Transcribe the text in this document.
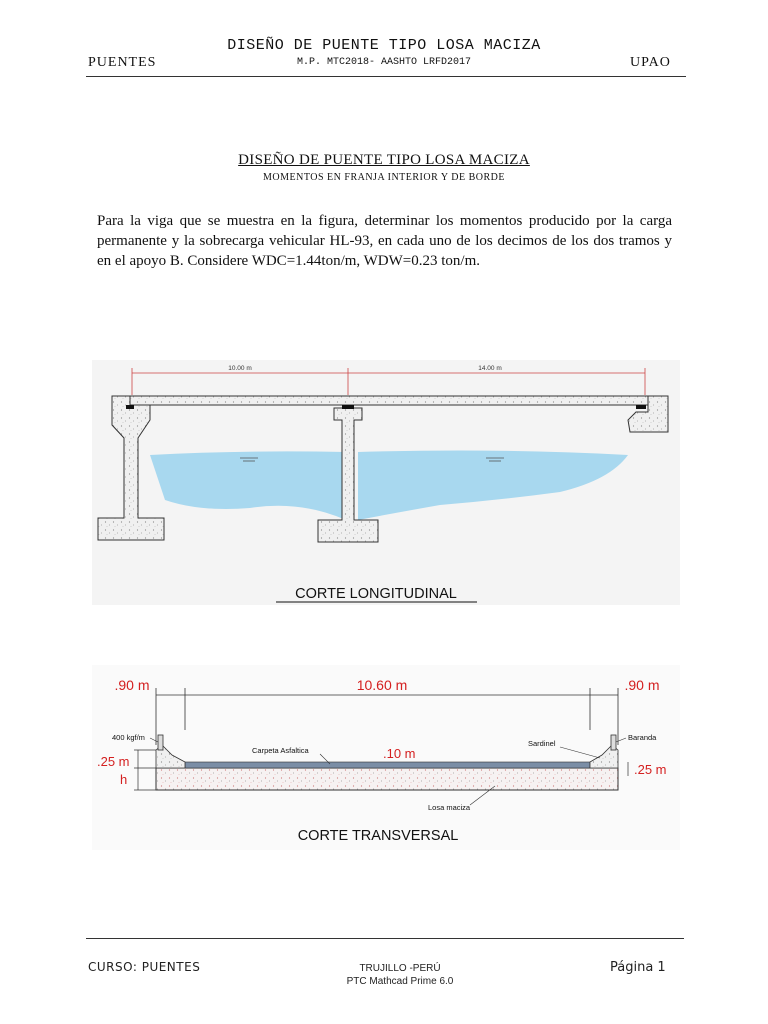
DISEÑO DE PUENTE TIPO LOSA MACIZA
PUENTES	M.P. MTC2018- AASHTO LRFD2017	UPAO
DISEÑO DE PUENTE TIPO LOSA MACIZA
MOMENTOS EN FRANJA INTERIOR Y DE BORDE
Para la viga que se muestra en la figura, determinar los momentos producido por la carga permanente y la sobrecarga vehicular HL-93, en cada uno de los decimos de los dos tramos y en el apoyo B. Considere WDC=1.44ton/m, WDW=0.23 ton/m.
10.00 m	14.00 m
CORTE LONGITUDINAL
.90 m	10.60 m	.90 m
400 kgf/m
Carpeta Asfaltica	.10 m
Sardinel
Baranda
.25 m
h
.25 m
Losa maciza
CORTE TRANSVERSAL
CURSO: PUENTES	TRUJILLO -PERÚ
PTC Mathcad Prime 6.0
Página 1
